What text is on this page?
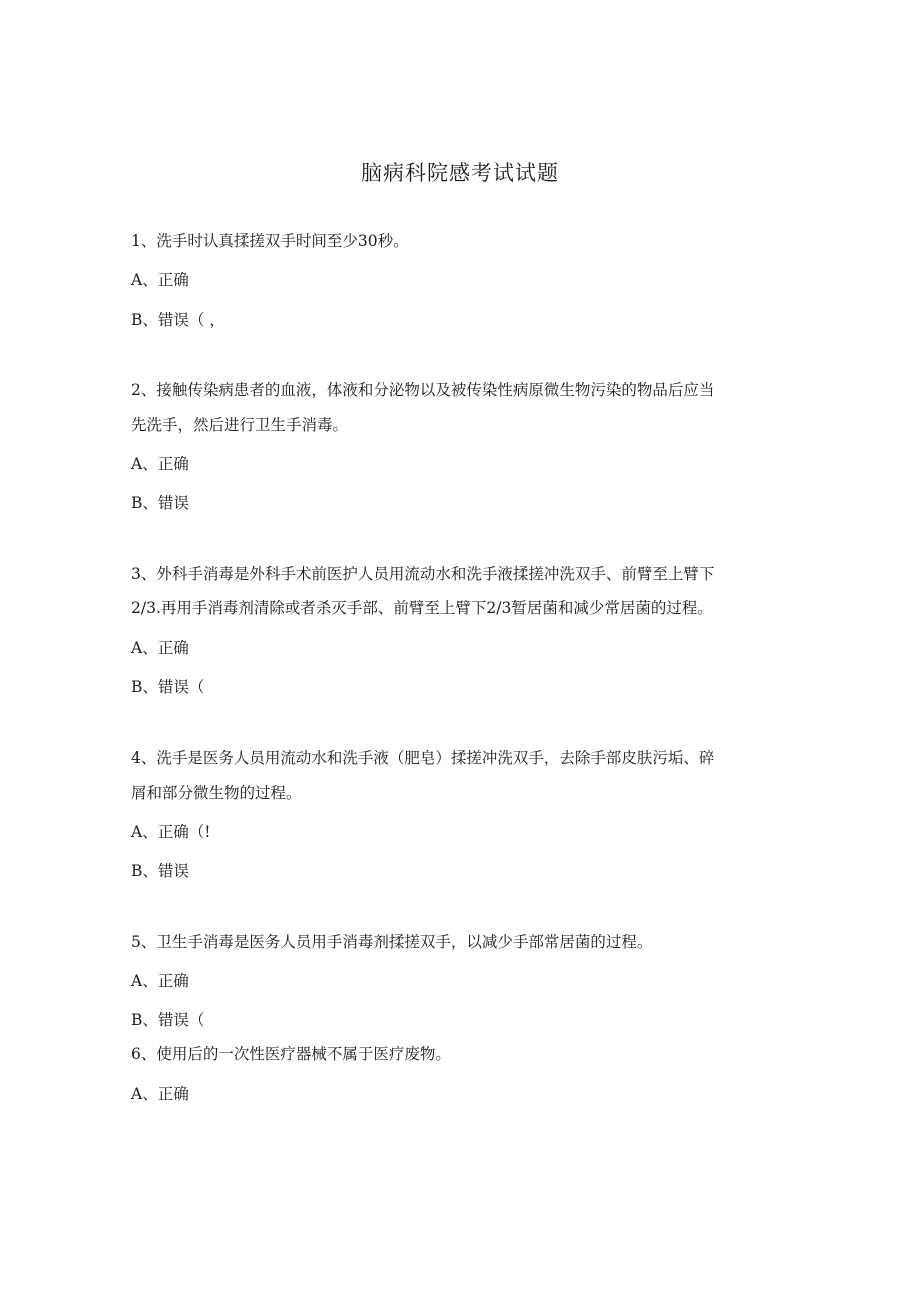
脑病科院感考试试题
1、洗手时认真揉搓双手时间至少30秒。
A、正确
B、错误（ ，
2、接触传染病患者的血液，体液和分泌物以及被传染性病原微生物污染的物品后应当
先洗手，然后进行卫生手消毒。
A、正确
B、错误
3、外科手消毒是外科手术前医护人员用流动水和洗手液揉搓冲洗双手、前臂至上臂下
2/3.再用手消毒剂清除或者杀灭手部、前臂至上臂下2/3暂居菌和减少常居菌的过程。
A、正确
B、错误（
4、洗手是医务人员用流动水和洗手液（肥皂）揉搓冲洗双手，去除手部皮肤污垢、碎
屑和部分微生物的过程。
A、正确（!
B、错误
5、卫生手消毒是医务人员用手消毒剂揉搓双手，以减少手部常居菌的过程。
A、正确
B、错误（
6、使用后的一次性医疗器械不属于医疗废物。
A、正确
